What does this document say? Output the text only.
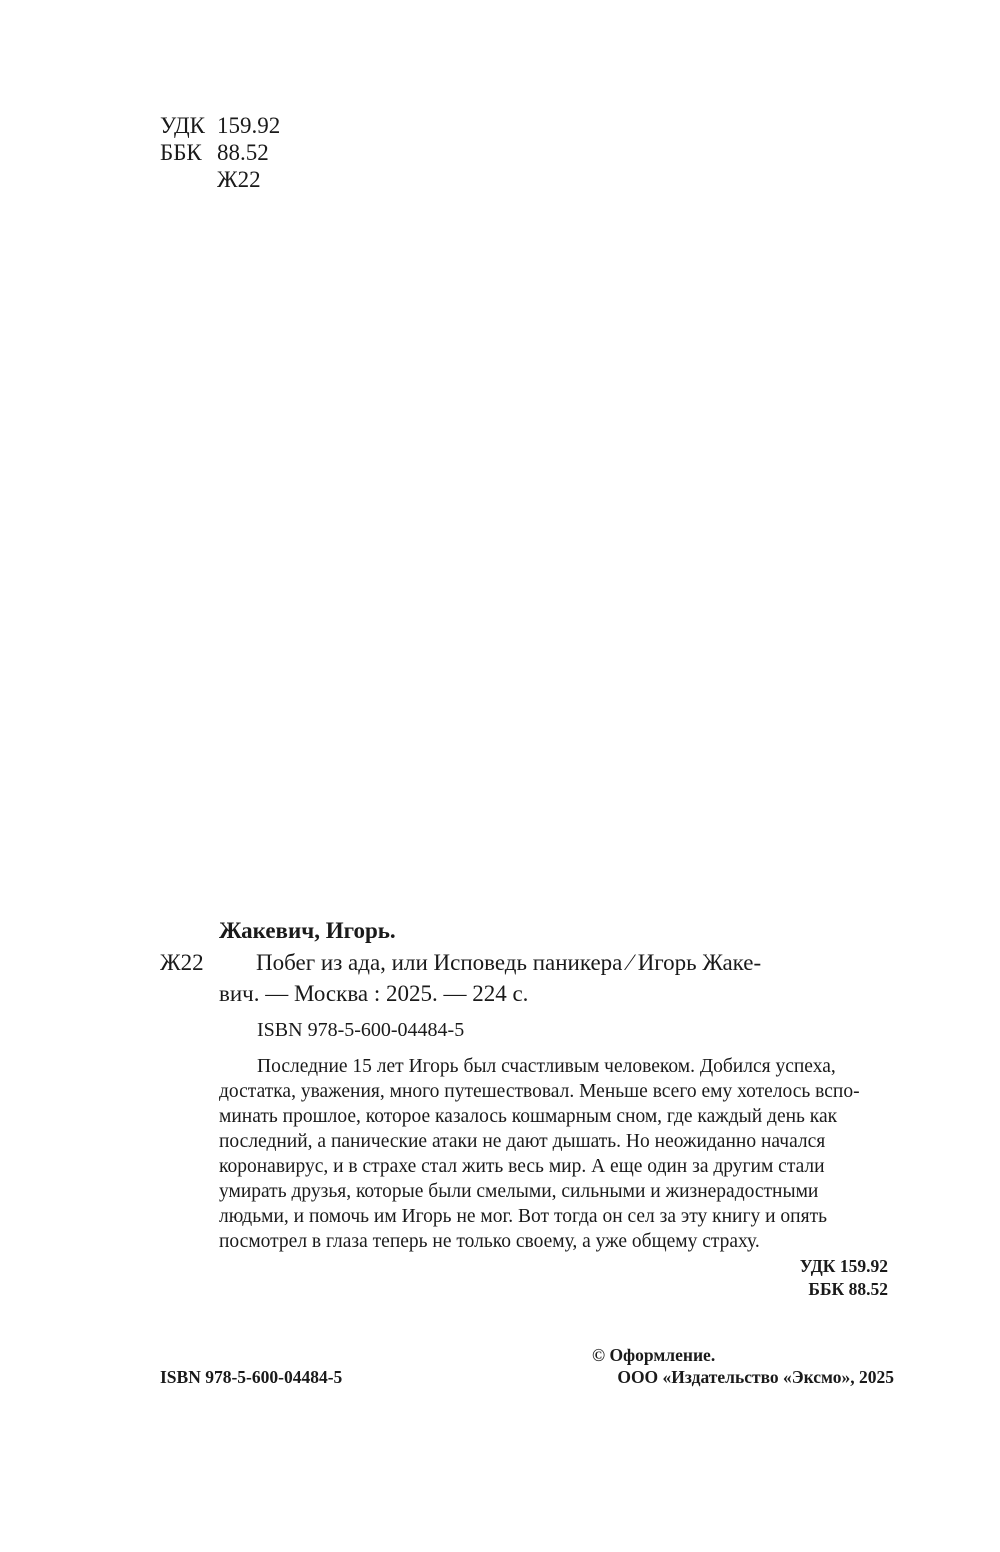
УДК 159.92
ББК 88.52
Ж22
Жакевич, Игорь.
Ж22 Побег из ада, или Исповедь паникера ⁄ Игорь Жаке-
вич. — Москва : 2025. — 224 с.
ISBN 978-5-600-04484-5
Последние 15 лет Игорь был счастливым человеком. Добился успеха,
достатка, уважения, много путешествовал. Меньше всего ему хотелось вспо-
минать прошлое, которое казалось кошмарным сном, где каждый день как
последний, а панические атаки не дают дышать. Но неожиданно начался
коронавирус, и в страхе стал жить весь мир. А еще один за другим стали
умирать друзья, которые были смелыми, сильными и жизнерадостными
людьми, и помочь им Игорь не мог. Вот тогда он сел за эту книгу и опять
посмотрел в глаза теперь не только своему, а уже общему страху.
УДК 159.92
ББК 88.52
© Оформление.
ISBN 978-5-600-04484-5	ООО «Издательство «Эксмо», 2025
